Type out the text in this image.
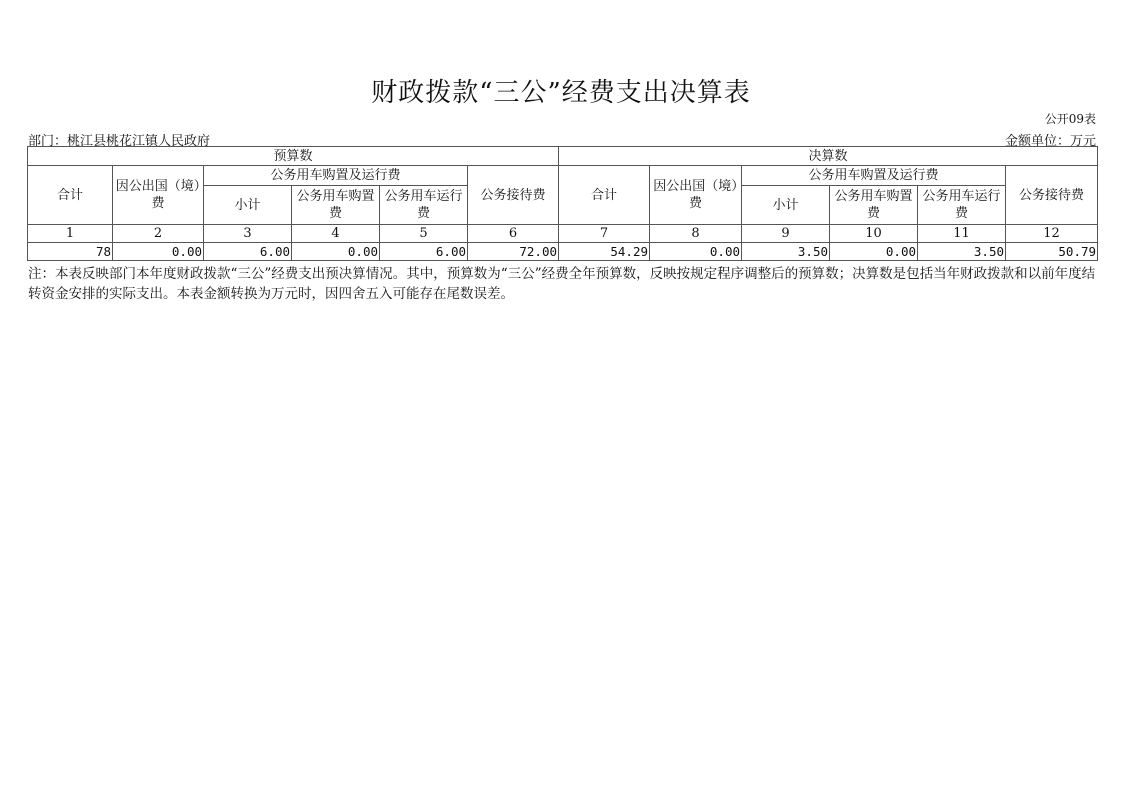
财政拨款“三公”经费支出决算表
公开09表
部门：桃江县桃花江镇人民政府	金额单位：万元
预算数						决算数					
合计	因公出国（境）费	公务用车购置及运行费			公务接待费	合计	因公出国（境）费	公务用车购置及运行费			公务接待费
		小计	公务用车购置费	公务用车运行费				小计	公务用车购置费	公务用车运行费	
1	2	3	4	5	6	7	8	9	10	11	12
78	0.00	6.00	0.00	6.00	72.00	54.29	0.00	3.50	0.00	3.50	50.79
注：本表反映部门本年度财政拨款“三公”经费支出预决算情况。其中，预算数为“三公”经费全年预算数，反映按规定程序调整后的预算数；决算数是包括当年财政拨款和以前年度结转资金安排的实际支出。本表金额转换为万元时，因四舍五入可能存在尾数误差。
